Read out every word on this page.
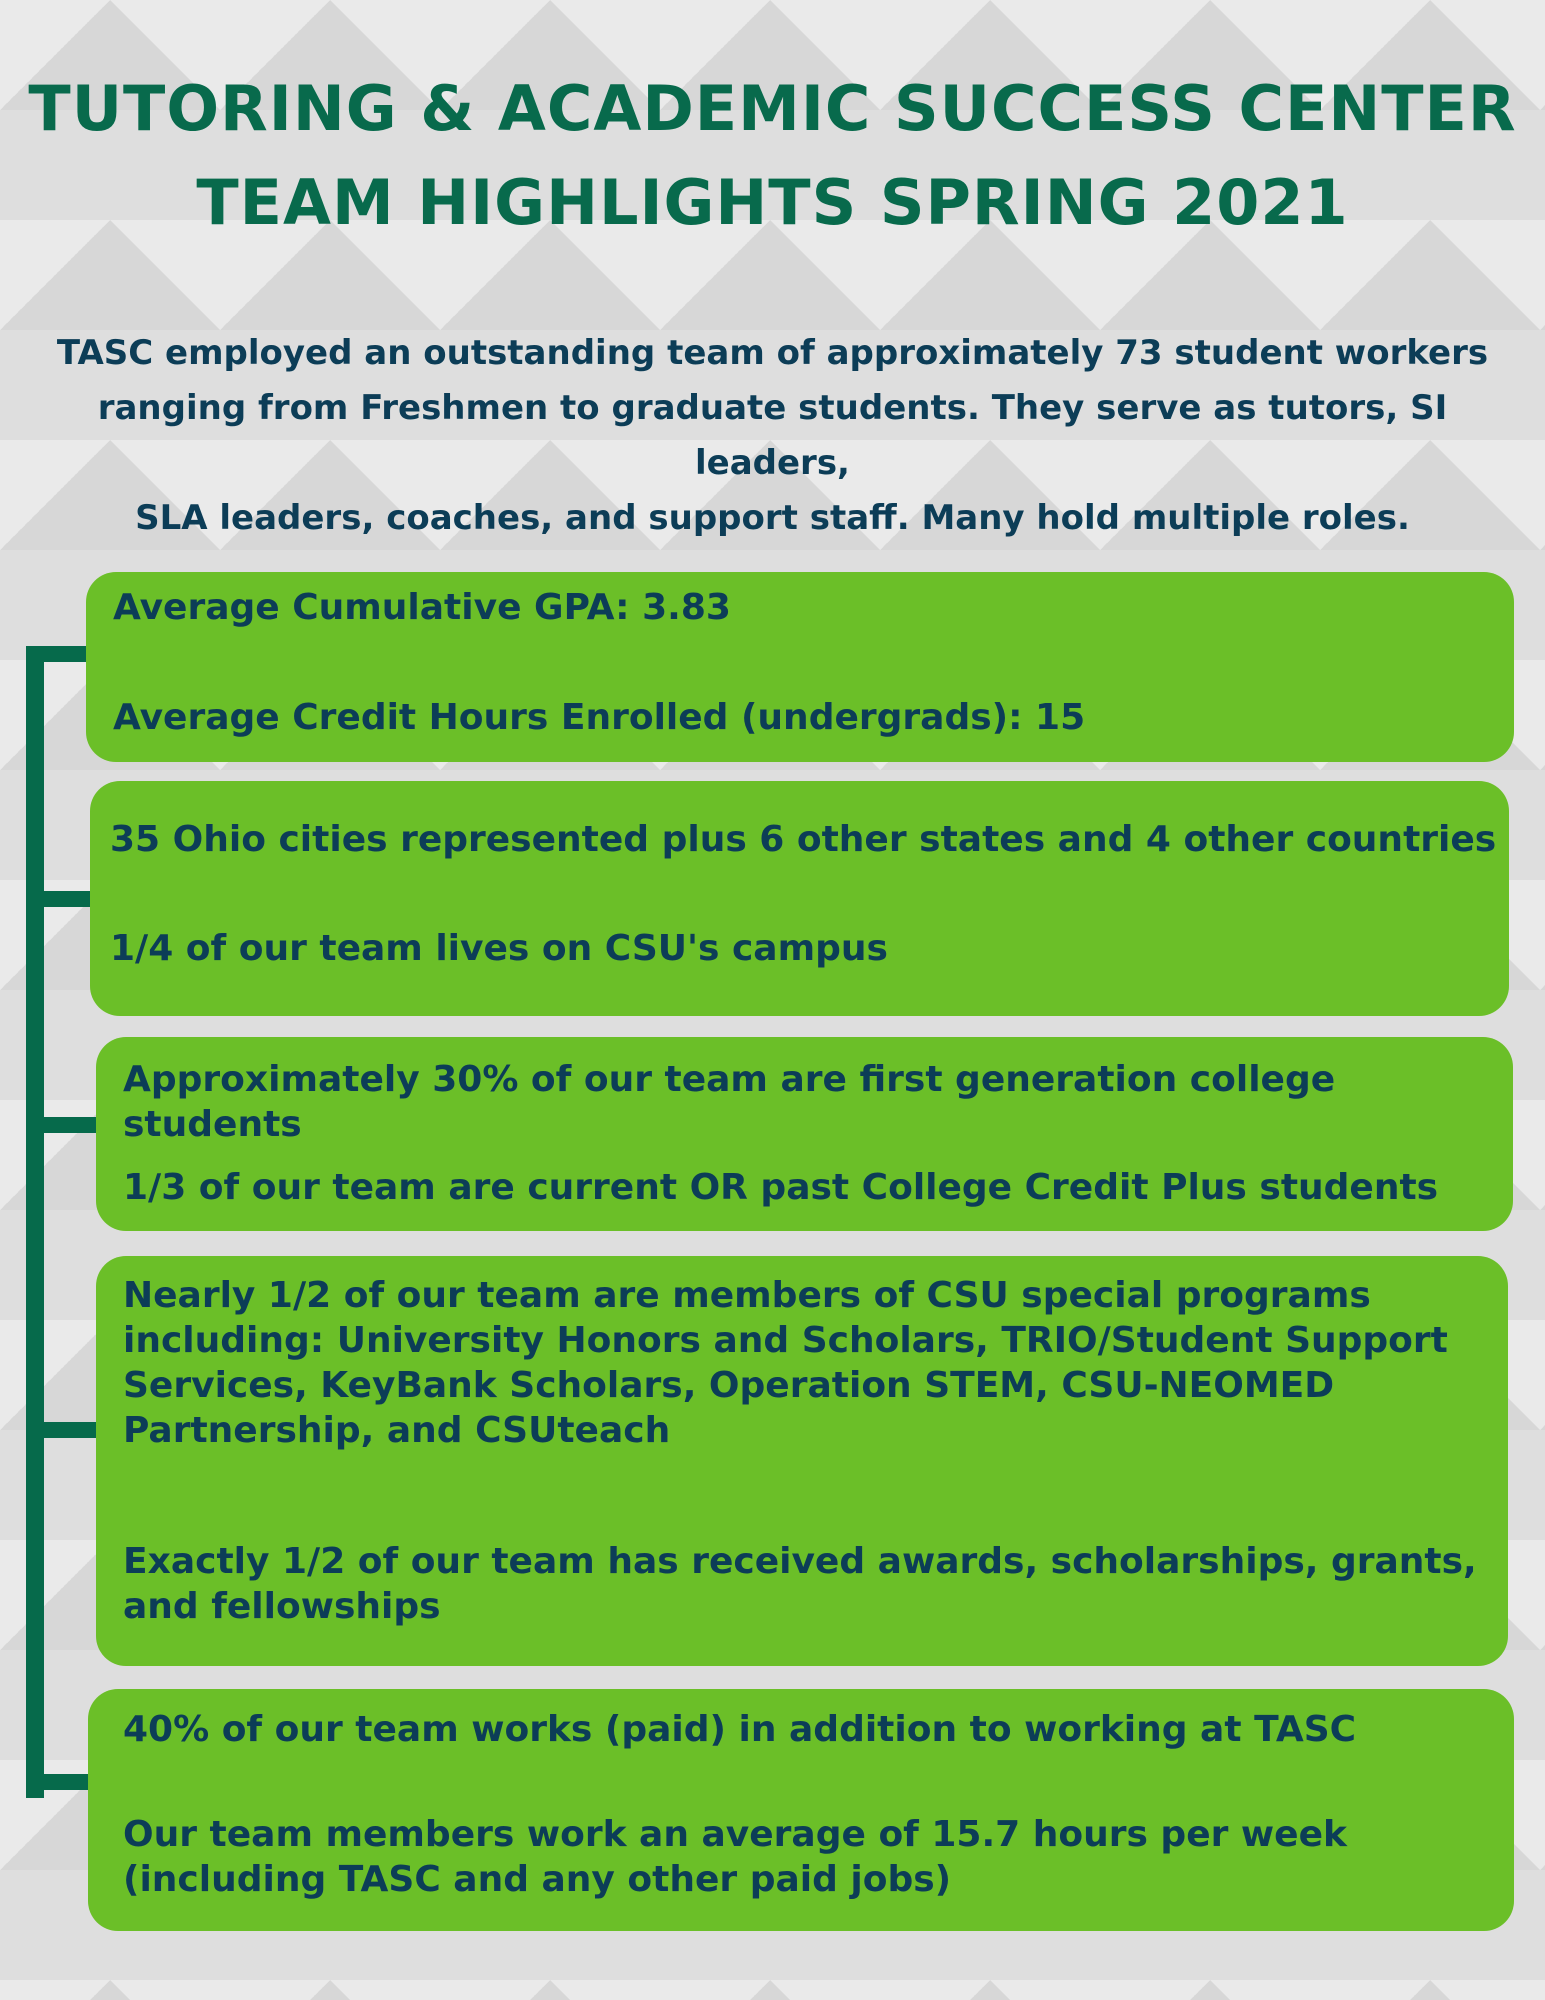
TUTORING & ACADEMIC SUCCESS CENTER
TEAM HIGHLIGHTS SPRING 2021
TASC employed an outstanding team of approximately 73 student workers
ranging from Freshmen to graduate students. They serve as tutors, SI leaders,
SLA leaders, coaches, and support staff. Many hold multiple roles.

Average Cumulative GPA: 3.83

Average Credit Hours Enrolled (undergrads): 15

35 Ohio cities represented plus 6 other states and 4 other countries

1/4 of our team lives on CSU's campus

Approximately 30% of our team are first generation college students

1/3 of our team are current OR past College Credit Plus students

Nearly 1/2 of our team are members of CSU special programs including: University Honors and Scholars, TRIO/Student Support Services, KeyBank Scholars, Operation STEM, CSU-NEOMED Partnership, and CSUteach

Exactly 1/2 of our team has received awards, scholarships, grants, and fellowships

40% of our team works (paid) in addition to working at TASC

Our team members work an average of 15.7 hours per week (including TASC and any other paid jobs)
